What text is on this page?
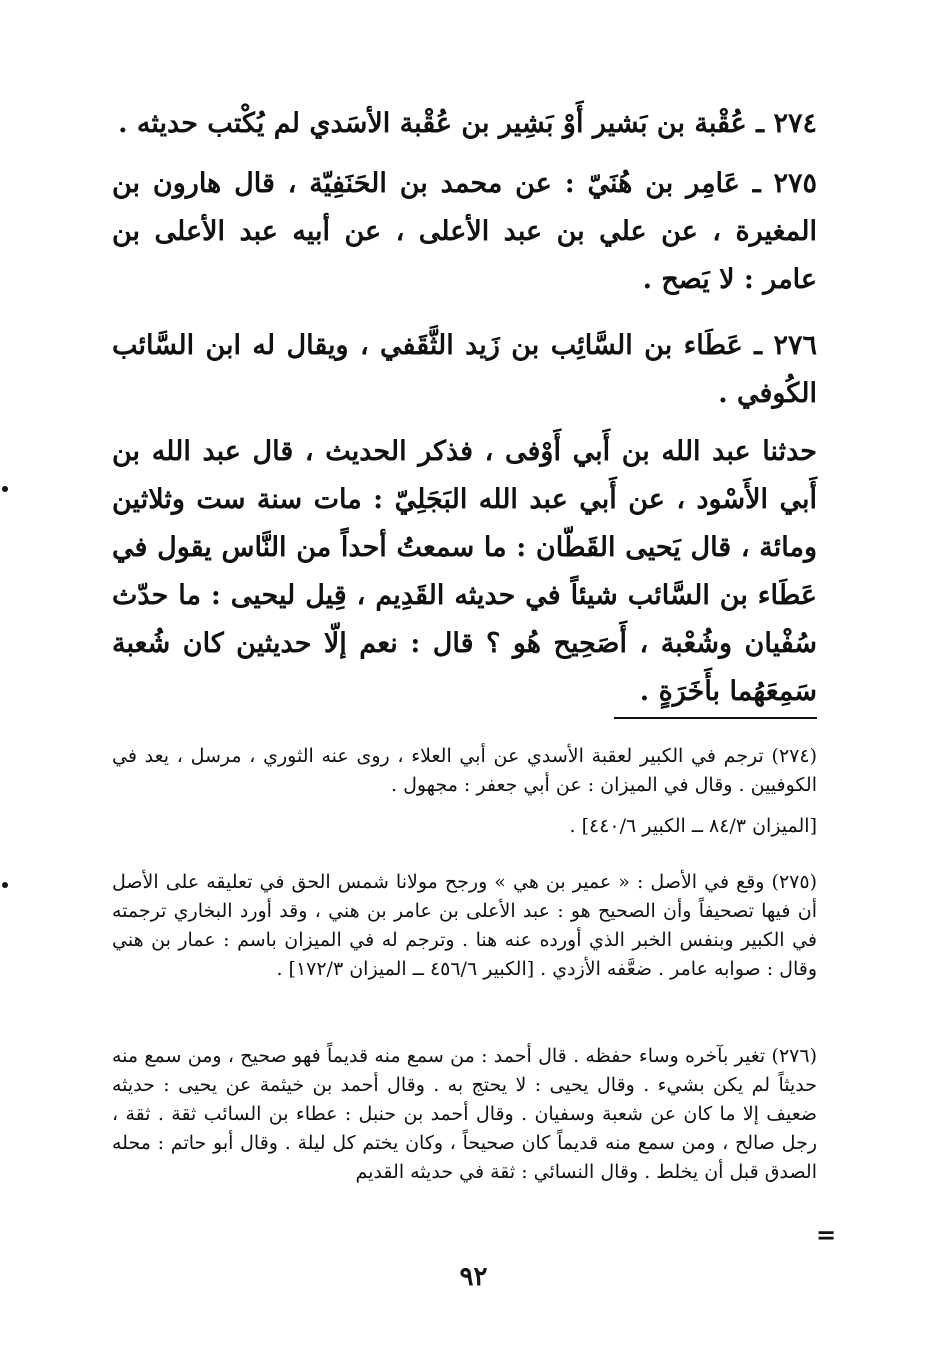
٢٧٤ ـ عُقْبة بن بَشير أَوْ بَشِير بن عُقْبة الأسَدي لم يُكْتب حديثه .

٢٧٥ ـ عَامِر بن هُنَيّ : عن محمد بن الحَنَفِيّة ، قال هارون بن المغيرة ، عن علي بن عبد الأعلى ، عن أبيه عبد الأعلى بن عامر : لا يَصح .

٢٧٦ ـ عَطَاء بن السَّائِب بن زَيد الثَّقَفي ، ويقال له ابن السَّائب الكُوفي .

حدثنا عبد الله بن أَبي أَوْفى ، فذكر الحديث ، قال عبد الله بن أَبي الأَسْود ، عن أَبي عبد الله البَجَلِيّ : مات سنة ست وثلاثين ومائة ، قال يَحيى القَطّان : ما سمعتُ أحداً من النَّاس يقول في عَطَاء بن السَّائب شيئاً في حديثه القَدِيم ، قِيل ليحيى : ما حدّث سُفْيان وشُعْبة ، أَصَحِيح هُو ؟ قال : نعم إلّا حديثين كان شُعبة سَمِعَهُما بأَخَرَةٍ .

(٢٧٤) ترجم في الكبير لعقبة الأسدي عن أبي العلاء ، روى عنه الثوري ، مرسل ، يعد في الكوفيين . وقال في الميزان : عن أبي جعفر : مجهول .

[الميزان ٨٤/٣ ــ الكبير ٤٤٠/٦] .

(٢٧٥) وقع في الأصل : « عمير بن هي » ورجح مولانا شمس الحق في تعليقه على الأصل أن فيها تصحيفاً وأن الصحيح هو : عبد الأعلى بن عامر بن هني ، وقد أورد البخاري ترجمته في الكبير وبنفس الخبر الذي أورده عنه هنا . وترجم له في الميزان باسم : عمار بن هني وقال : صوابه عامر . ضعَّفه الأزدي . [الكبير ٤٥٦/٦ ــ الميزان ١٧٢/٣] .

(٢٧٦) تغير بآخره وساء حفظه . قال أحمد : من سمع منه قديماً فهو صحيح ، ومن سمع منه حديثاً لم يكن بشيء . وقال يحيى : لا يحتج به . وقال أحمد بن خيثمة عن يحيى : حديثه ضعيف إلا ما كان عن شعبة وسفيان . وقال أحمد بن حنبل : عطاء بن السائب ثقة . ثقة ، رجل صالح ، ومن سمع منه قديماً كان صحيحاً ، وكان يختم كل ليلة . وقال أبو حاتم : محله الصدق قبل أن يخلط . وقال النسائي : ثقة في حديثه القديم

=
٩٢
